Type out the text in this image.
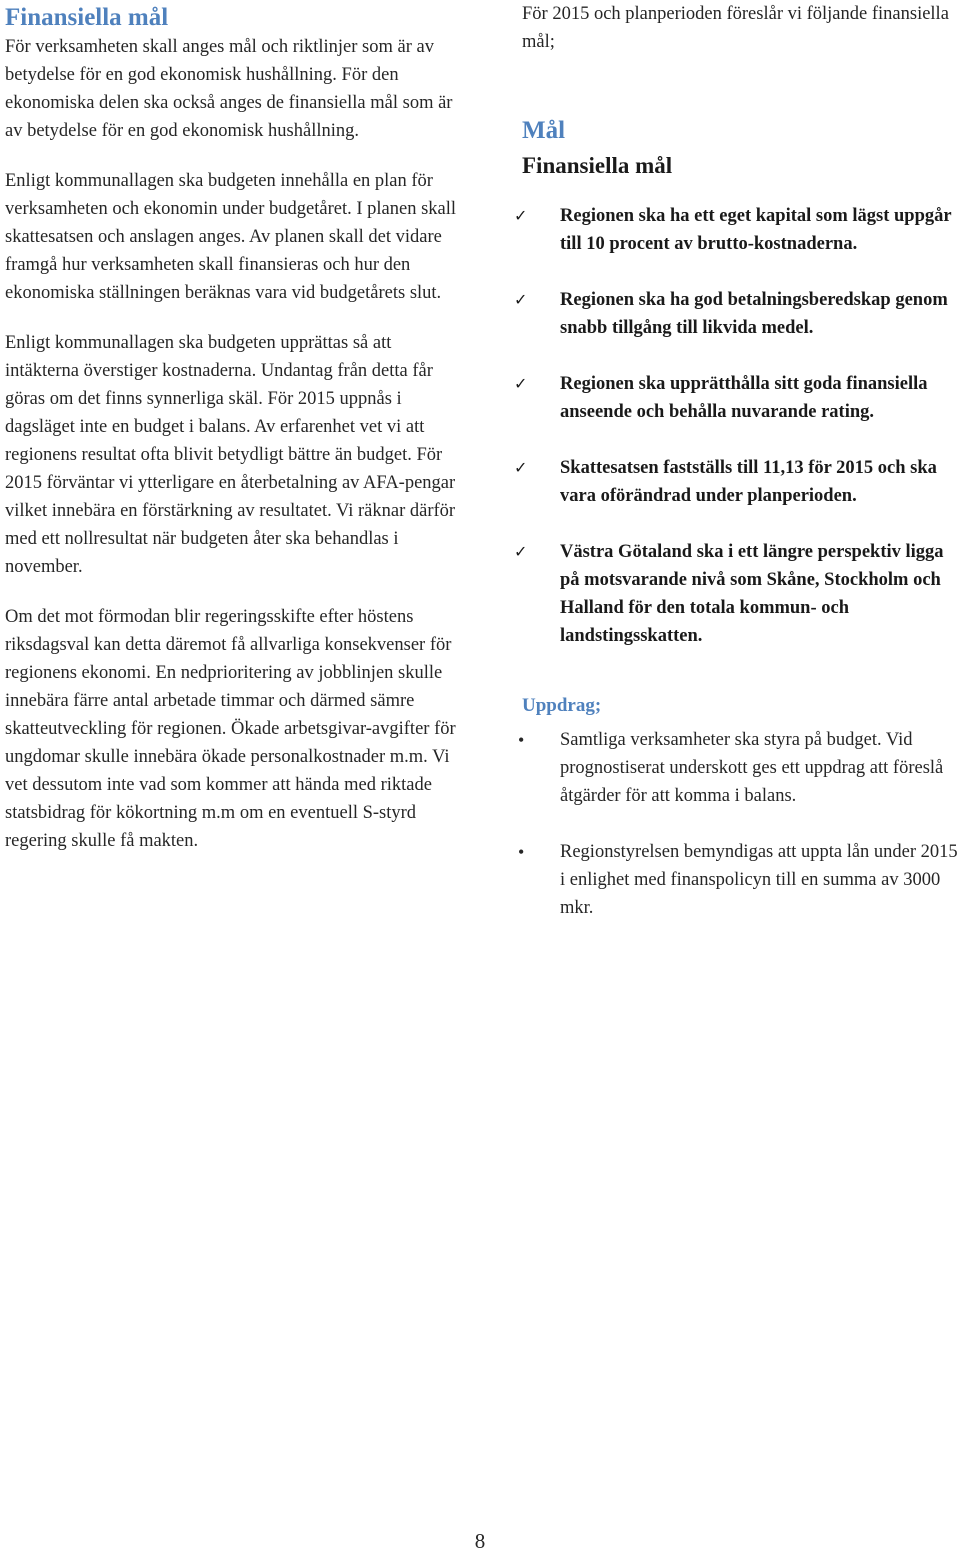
Finansiella mål

För verksamheten skall anges mål och riktlinjer som är av betydelse för en god ekonomisk hushållning. För den ekonomiska delen ska också anges de finansiella mål som är av betydelse för en god ekonomisk hushållning.

Enligt kommunallagen ska budgeten innehålla en plan för verksamheten och ekonomin under budgetåret. I planen skall skattesatsen och anslagen anges. Av planen skall det vidare framgå hur verksamheten skall finansieras och hur den ekonomiska ställningen beräknas vara vid budgetårets slut.

Enligt kommunallagen ska budgeten upprättas så att intäkterna överstiger kostnaderna. Undantag från detta får göras om det finns synnerliga skäl. För 2015 uppnås i dagsläget inte en budget i balans. Av erfarenhet vet vi att regionens resultat ofta blivit betydligt bättre än budget. För 2015 förväntar vi ytterligare en återbetalning av AFA-pengar vilket innebära en förstärkning av resultatet. Vi räknar därför med ett nollresultat när budgeten åter ska behandlas i november.

Om det mot förmodan blir regeringsskifte efter höstens riksdagsval kan detta däremot få allvarliga konsekvenser för regionens ekonomi. En nedprioritering av jobblinjen skulle innebära färre antal arbetade timmar och därmed sämre skatteutveckling för regionen. Ökade arbetsgivar-avgifter för ungdomar skulle innebära ökade personalkostnader m.m. Vi vet dessutom inte vad som kommer att hända med riktade statsbidrag för kökortning m.m om en eventuell S-styrd regering skulle få makten.

För 2015 och planperioden föreslår vi följande finansiella mål;

Mål
Finansiella mål
✓ Regionen ska ha ett eget kapital som lägst uppgår till 10 procent av brutto-kostnaderna.
✓ Regionen ska ha god betalningsberedskap genom snabb tillgång till likvida medel.
✓ Regionen ska upprätthålla sitt goda finansiella anseende och behålla nuvarande rating.
✓ Skattesatsen fastställs till 11,13 för 2015 och ska vara oförändrad under planperioden.
✓ Västra Götaland ska i ett längre perspektiv ligga på motsvarande nivå som Skåne, Stockholm och Halland för den totala kommun- och landstingsskatten.
Uppdrag;
• Samtliga verksamheter ska styra på budget. Vid prognostiserat underskott ges ett uppdrag att föreslå åtgärder för att komma i balans.
• Regionstyrelsen bemyndigas att uppta lån under 2015 i enlighet med finanspolicyn till en summa av 3000 mkr.
8
